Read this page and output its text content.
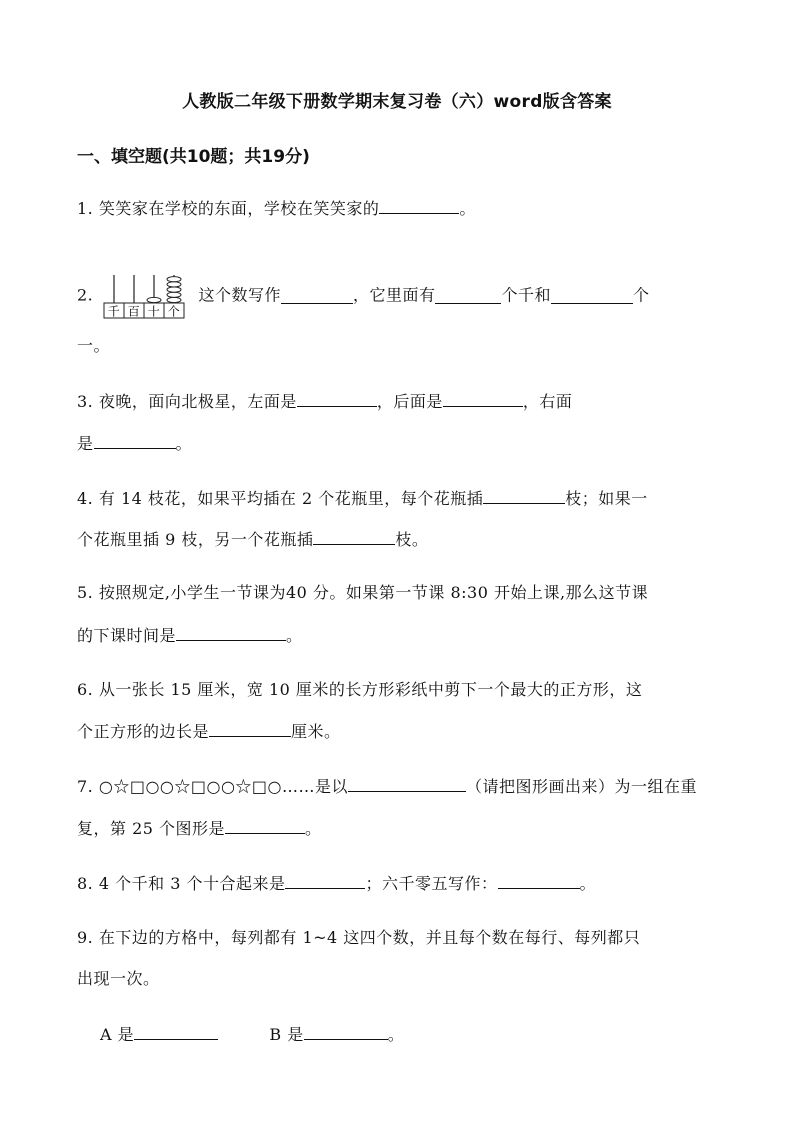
人教版二年级下册数学期末复习卷（六）word版含答案
一、填空题(共10题；共19分)
1. 笑笑家在学校的东面，学校在笑笑家的	。
2.
千 百 十 个
这个数写作	，它里面有	个千和	个
一。
3. 夜晚，面向北极星，左面是	，后面是	，右面
是	。
4. 有 14 枝花，如果平均插在 2 个花瓶里，每个花瓶插	枝；如果一
个花瓶里插 9 枝，另一个花瓶插	枝。
5. 按照规定,小学生一节课为40 分。如果第一节课 8:30 开始上课,那么这节课
的下课时间是	。
6. 从一张长 15 厘米，宽 10 厘米的长方形彩纸中剪下一个最大的正方形，这
个正方形的边长是	厘米。
7. ○☆□○○☆□○○☆□○……是以	（请把图形画出来）为一组在重
复，第 25 个图形是	。
8. 4 个千和 3 个十合起来是	；六千零五写作：	。
9. 在下边的方格中，每列都有 1~4 这四个数，并且每个数在每行、每列都只
出现一次。
A 是	B 是	。
